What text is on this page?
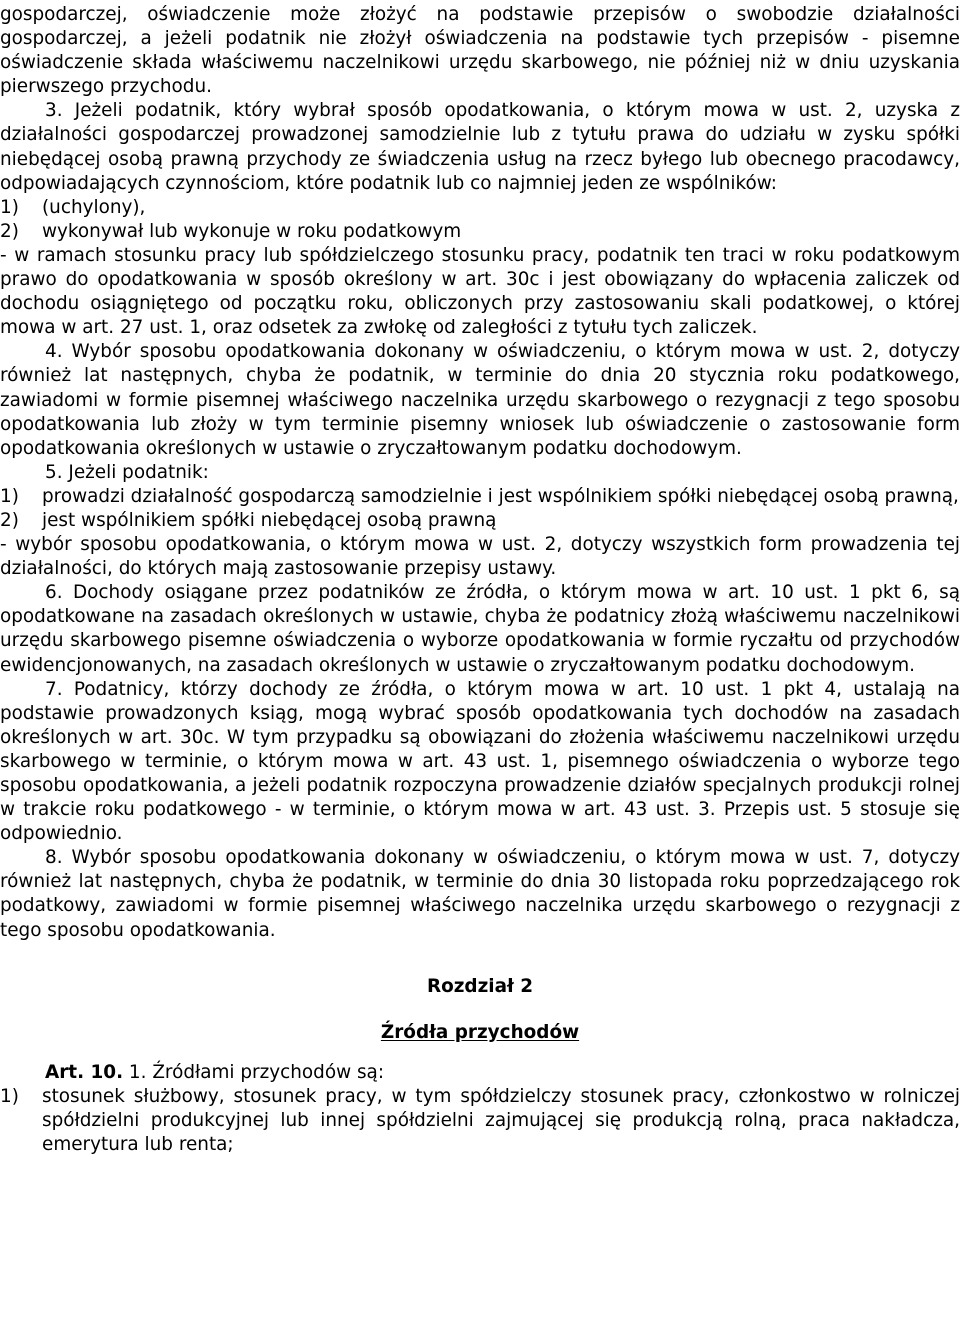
gospodarczej, oświadczenie może złożyć na podstawie przepisów o swobodzie działalności gospodarczej, a jeżeli podatnik nie złożył oświadczenia na podstawie tych przepisów - pisemne oświadczenie składa właściwemu naczelnikowi urzędu skarbowego, nie później niż w dniu uzyskania pierwszego przychodu.

3. Jeżeli podatnik, który wybrał sposób opodatkowania, o którym mowa w ust. 2, uzyska z działalności gospodarczej prowadzonej samodzielnie lub z tytułu prawa do udziału w zysku spółki niebędącej osobą prawną przychody ze świadczenia usług na rzecz byłego lub obecnego pracodawcy, odpowiadających czynnościom, które podatnik lub co najmniej jeden ze wspólników:

1)	(uchylony),
2)	wykonywał lub wykonuje w roku podatkowym

- w ramach stosunku pracy lub spółdzielczego stosunku pracy, podatnik ten traci w roku podatkowym prawo do opodatkowania w sposób określony w art. 30c i jest obowiązany do wpłacenia zaliczek od dochodu osiągniętego od początku roku, obliczonych przy zastosowaniu skali podatkowej, o której mowa w art. 27 ust. 1, oraz odsetek za zwłokę od zaległości z tytułu tych zaliczek.

4. Wybór sposobu opodatkowania dokonany w oświadczeniu, o którym mowa w ust. 2, dotyczy również lat następnych, chyba że podatnik, w terminie do dnia 20 stycznia roku podatkowego, zawiadomi w formie pisemnej właściwego naczelnika urzędu skarbowego o rezygnacji z tego sposobu opodatkowania lub złoży w tym terminie pisemny wniosek lub oświadczenie o zastosowanie form opodatkowania określonych w ustawie o zryczałtowanym podatku dochodowym.

5. Jeżeli podatnik:

1)	prowadzi działalność gospodarczą samodzielnie i jest wspólnikiem spółki niebędącej osobą prawną,
2)	jest wspólnikiem spółki niebędącej osobą prawną

- wybór sposobu opodatkowania, o którym mowa w ust. 2, dotyczy wszystkich form prowadzenia tej działalności, do których mają zastosowanie przepisy ustawy.

6. Dochody osiągane przez podatników ze źródła, o którym mowa w art. 10 ust. 1 pkt 6, są opodatkowane na zasadach określonych w ustawie, chyba że podatnicy złożą właściwemu naczelnikowi urzędu skarbowego pisemne oświadczenia o wyborze opodatkowania w formie ryczałtu od przychodów ewidencjonowanych, na zasadach określonych w ustawie o zryczałtowanym podatku dochodowym.

7. Podatnicy, którzy dochody ze źródła, o którym mowa w art. 10 ust. 1 pkt 4, ustalają na podstawie prowadzonych ksiąg, mogą wybrać sposób opodatkowania tych dochodów na zasadach określonych w art. 30c. W tym przypadku są obowiązani do złożenia właściwemu naczelnikowi urzędu skarbowego w terminie, o którym mowa w art. 43 ust. 1, pisemnego oświadczenia o wyborze tego sposobu opodatkowania, a jeżeli podatnik rozpoczyna prowadzenie działów specjalnych produkcji rolnej w trakcie roku podatkowego - w terminie, o którym mowa w art. 43 ust. 3. Przepis ust. 5 stosuje się odpowiednio.

8. Wybór sposobu opodatkowania dokonany w oświadczeniu, o którym mowa w ust. 7, dotyczy również lat następnych, chyba że podatnik, w terminie do dnia 30 listopada roku poprzedzającego rok podatkowy, zawiadomi w formie pisemnej właściwego naczelnika urzędu skarbowego o rezygnacji z tego sposobu opodatkowania.

Rozdział 2

Źródła przychodów

Art. 10. 1. Źródłami przychodów są:

1)	stosunek służbowy, stosunek pracy, w tym spółdzielczy stosunek pracy, członkostwo w rolniczej spółdzielni produkcyjnej lub innej spółdzielni zajmującej się produkcją rolną, praca nakładcza, emerytura lub renta;
